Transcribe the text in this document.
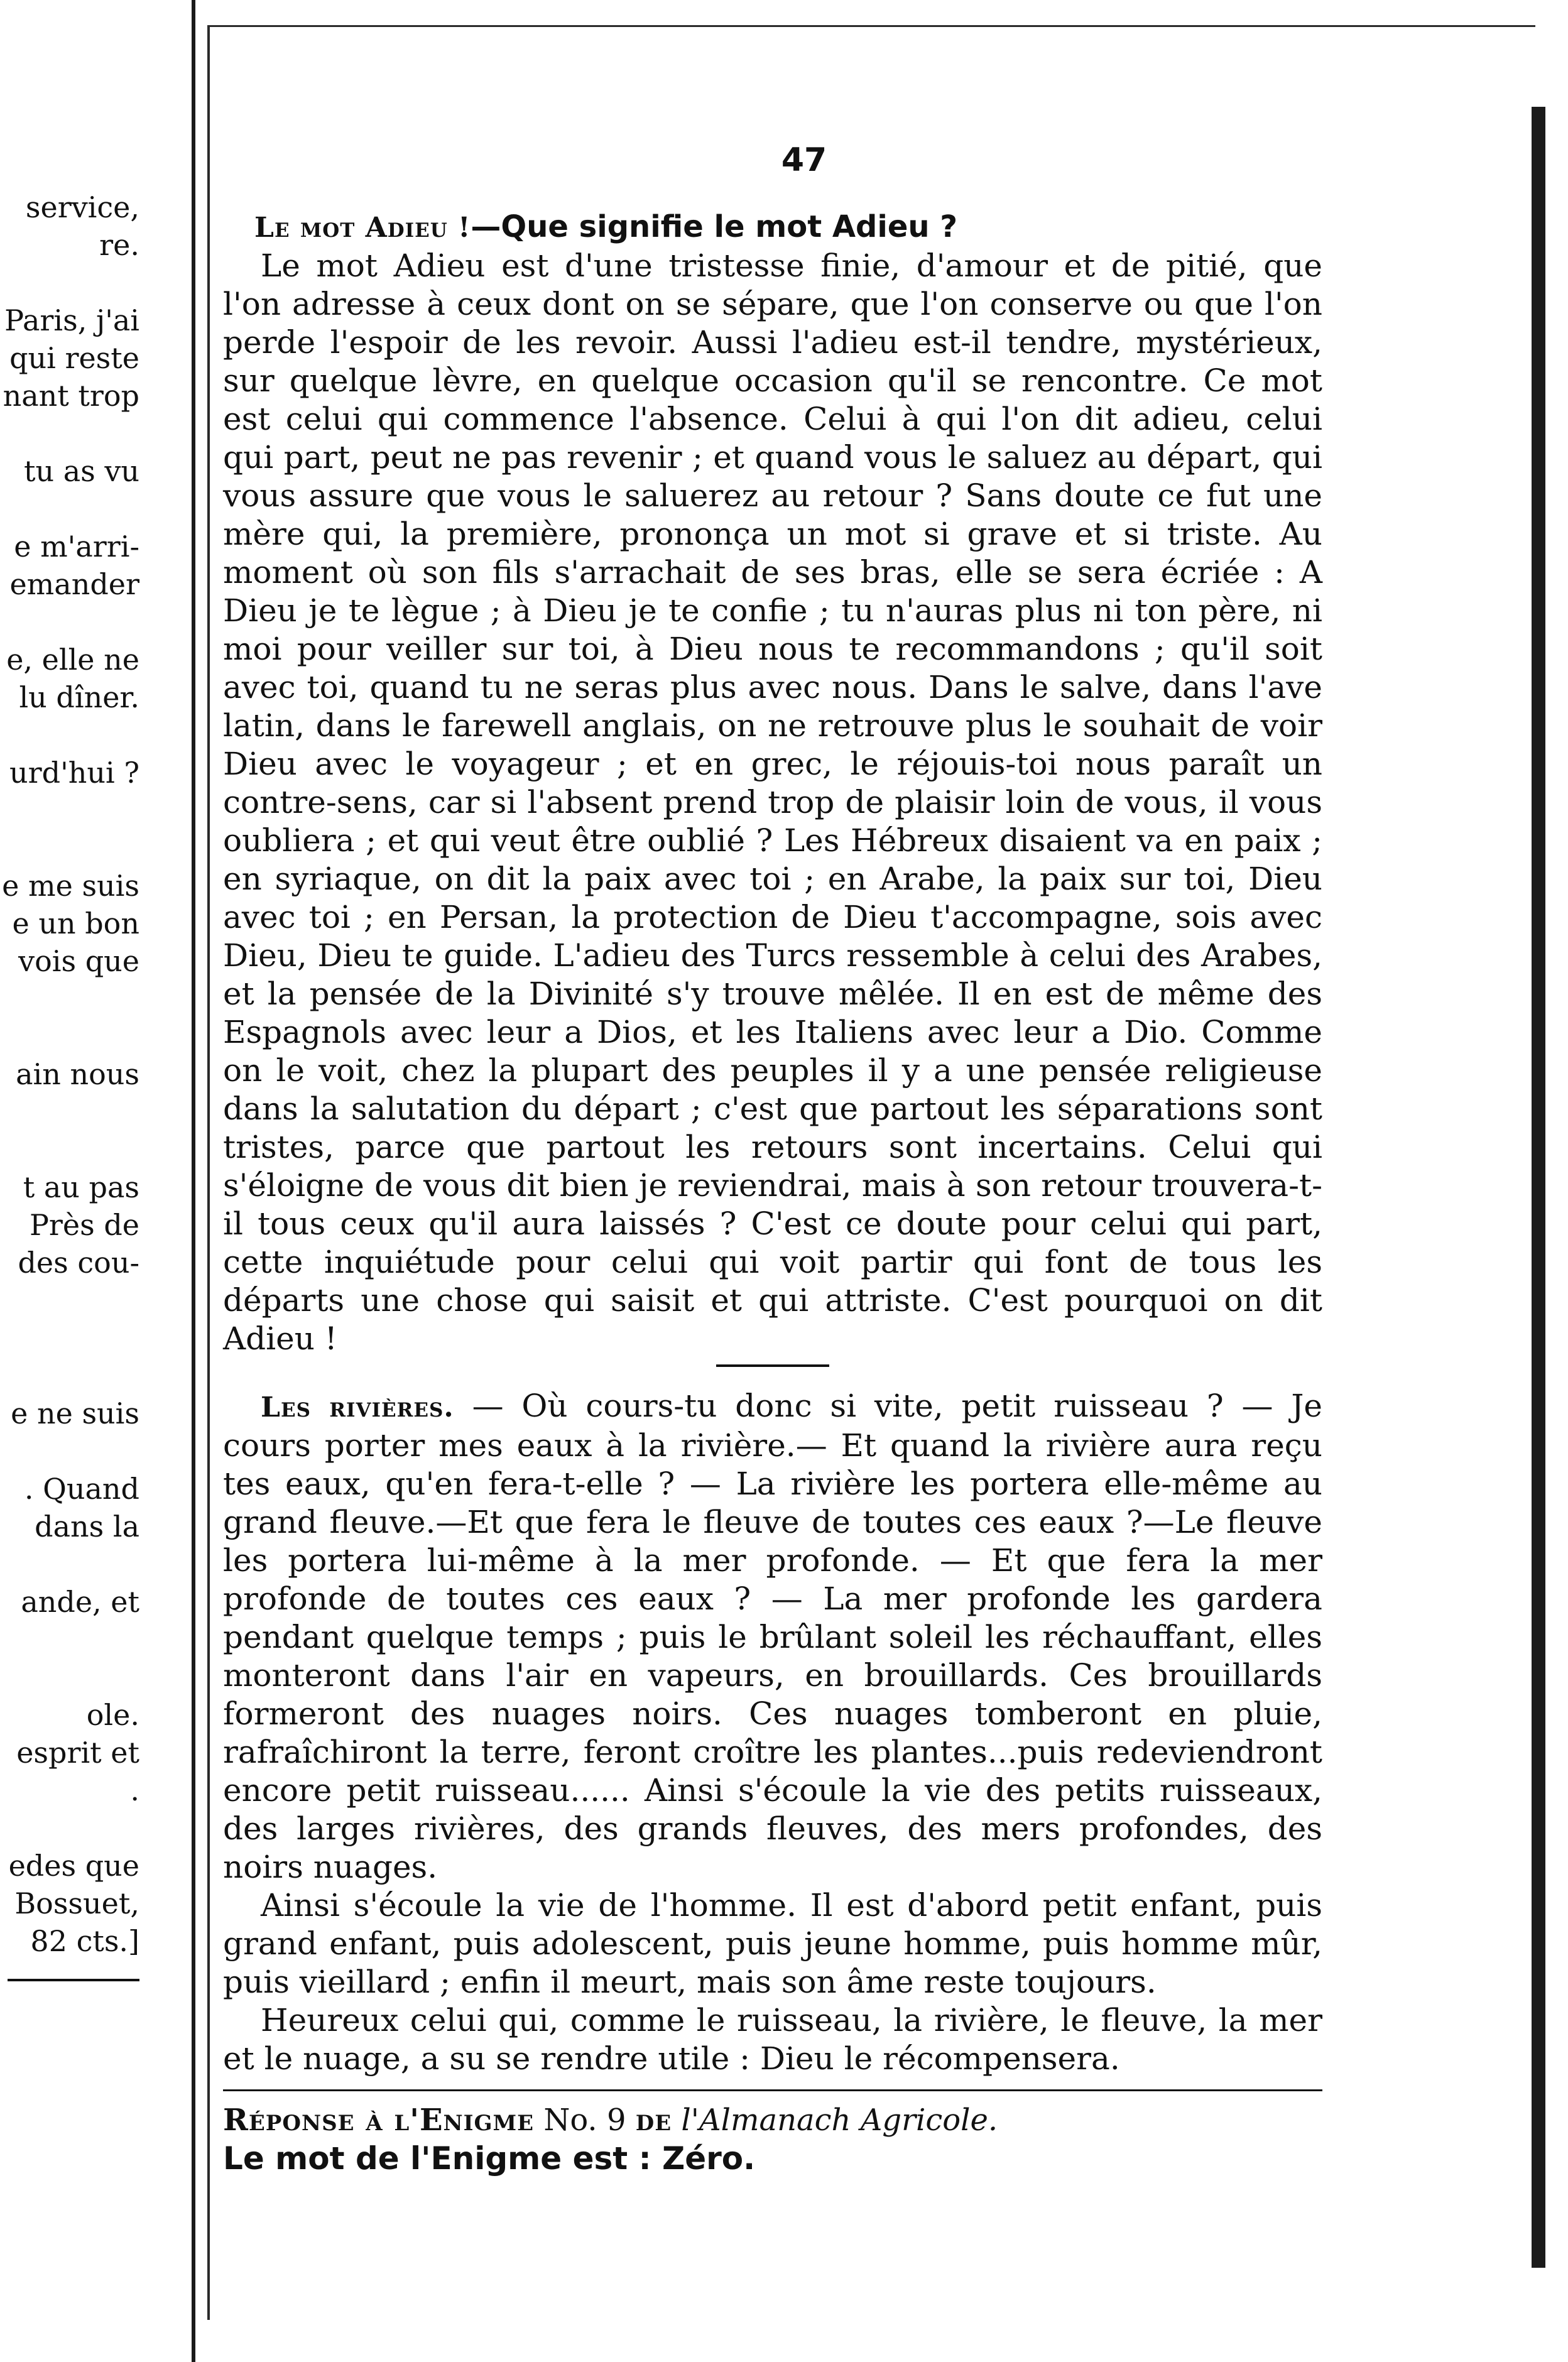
service,
re.
Paris, j'ai
qui reste
nant trop
tu as vu
e m'arri-
emander
e, elle ne
lu dîner.
urd'hui ?
e me suis
e un bon
vois que
ain nous
t au pas
Près de
des cou-
e ne suis
. Quand
dans la
ande, et
ole.
esprit et
.
edes que
Bossuet,
82 cts.]
47

Le mot Adieu !—Que signifie le mot Adieu ?

Le mot Adieu est d'une tristesse finie, d'amour et de pitié, que l'on adresse à ceux dont on se sépare, que l'on conserve ou que l'on perde l'espoir de les revoir. Aussi l'adieu est-il tendre, mystérieux, sur quelque lèvre, en quelque occasion qu'il se rencontre. Ce mot est celui qui commence l'absence. Celui à qui l'on dit adieu, celui qui part, peut ne pas revenir ; et quand vous le saluez au départ, qui vous assure que vous le saluerez au retour ? Sans doute ce fut une mère qui, la première, prononça un mot si grave et si triste. Au moment où son fils s'arrachait de ses bras, elle se sera écriée : A Dieu je te lègue ; à Dieu je te confie ; tu n'auras plus ni ton père, ni moi pour veiller sur toi, à Dieu nous te recommandons ; qu'il soit avec toi, quand tu ne seras plus avec nous. Dans le salve, dans l'ave latin, dans le farewell anglais, on ne retrouve plus le souhait de voir Dieu avec le voyageur ; et en grec, le réjouis-toi nous paraît un contre-sens, car si l'absent prend trop de plaisir loin de vous, il vous oubliera ; et qui veut être oublié ? Les Hébreux disaient va en paix ; en syriaque, on dit la paix avec toi ; en Arabe, la paix sur toi, Dieu avec toi ; en Persan, la protection de Dieu t'accompagne, sois avec Dieu, Dieu te guide. L'adieu des Turcs ressemble à celui des Arabes, et la pensée de la Divinité s'y trouve mêlée. Il en est de même des Espagnols avec leur a Dios, et les Italiens avec leur a Dio. Comme on le voit, chez la plupart des peuples il y a une pensée religieuse dans la salutation du départ ; c'est que partout les séparations sont tristes, parce que partout les retours sont incertains. Celui qui s'éloigne de vous dit bien je reviendrai, mais à son retour trouvera-t-il tous ceux qu'il aura laissés ? C'est ce doute pour celui qui part, cette inquiétude pour celui qui voit partir qui font de tous les départs une chose qui saisit et qui attriste. C'est pourquoi on dit Adieu !

Les rivières. — Où cours-tu donc si vite, petit ruisseau ? — Je cours porter mes eaux à la rivière.— Et quand la rivière aura reçu tes eaux, qu'en fera-t-elle ? — La rivière les portera elle-même au grand fleuve.—Et que fera le fleuve de toutes ces eaux ?—Le fleuve les portera lui-même à la mer profonde. — Et que fera la mer profonde de toutes ces eaux ? — La mer profonde les gardera pendant quelque temps ; puis le brûlant soleil les réchauffant, elles monteront dans l'air en vapeurs, en brouillards. Ces brouillards formeront des nuages noirs. Ces nuages tomberont en pluie, rafraîchiront la terre, feront croître les plantes...puis redeviendront encore petit ruisseau...... Ainsi s'écoule la vie des petits ruisseaux, des larges rivières, des grands fleuves, des mers profondes, des noirs nuages.

Ainsi s'écoule la vie de l'homme. Il est d'abord petit enfant, puis grand enfant, puis adolescent, puis jeune homme, puis homme mûr, puis vieillard ; enfin il meurt, mais son âme reste toujours.

Heureux celui qui, comme le ruisseau, la rivière, le fleuve, la mer et le nuage, a su se rendre utile : Dieu le récompensera.

Réponse à l'Enigme No. 9 de l'Almanach Agricole.

Le mot de l'Enigme est : Zéro.
